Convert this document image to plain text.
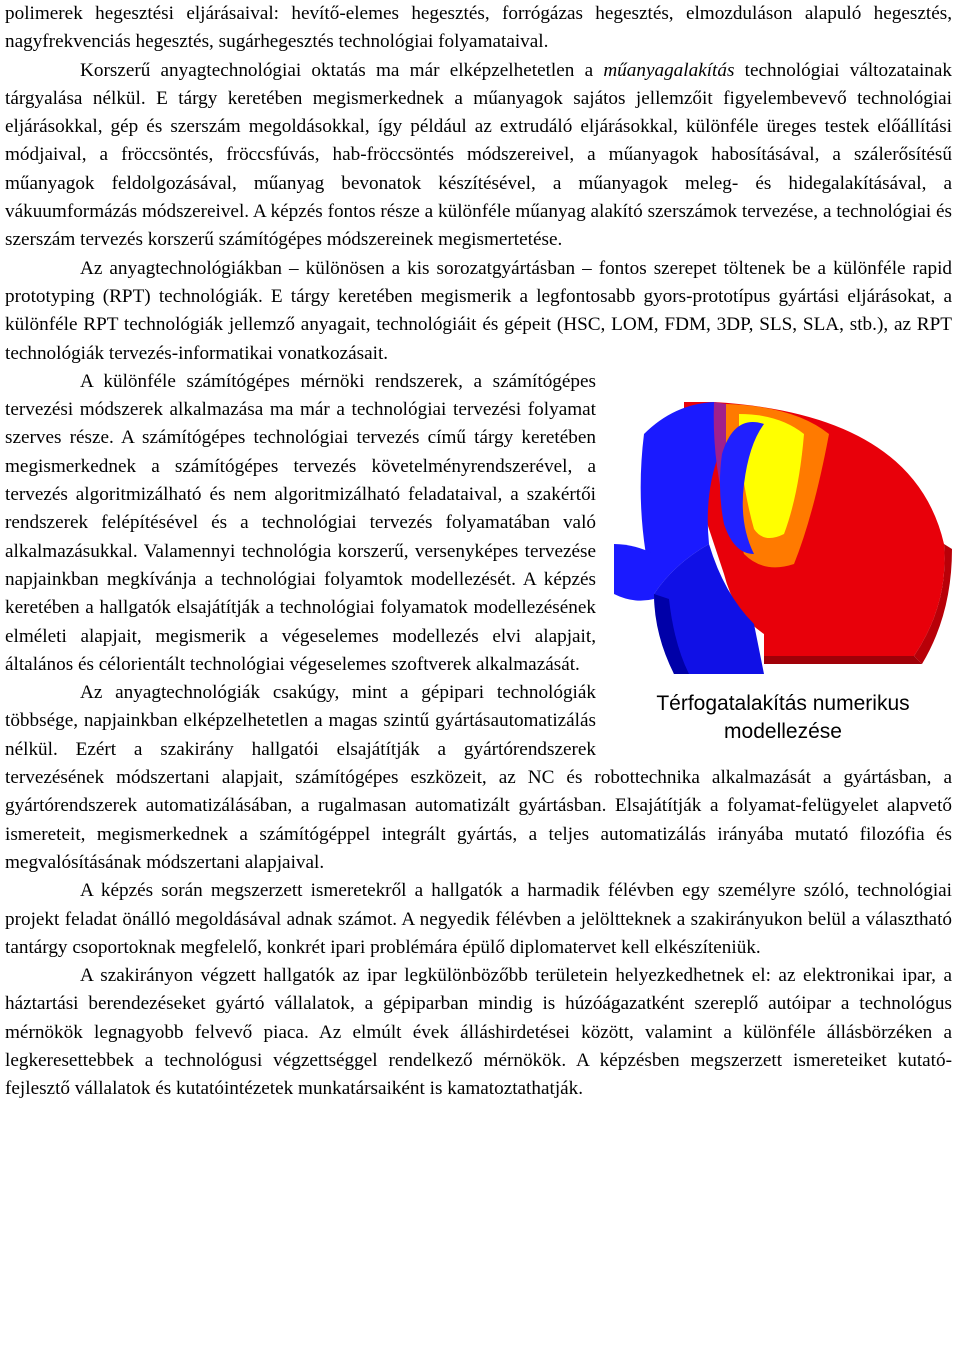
polimerek hegesztési eljárásaival: hevítő-elemes hegesztés, forrógázas hegesztés, elmozduláson alapuló hegesztés, nagyfrekvenciás hegesztés, sugárhegesztés technológiai folyamataival.

Korszerű anyagtechnológiai oktatás ma már elképzelhetetlen a műanyagalakítás technológiai változatainak tárgyalása nélkül. E tárgy keretében megismerkednek a műanyagok sajátos jellemzőit figyelembevevő technológiai eljárásokkal, gép és szerszám megoldásokkal, így például az extrudáló eljárásokkal, különféle üreges testek előállítási módjaival, a fröccsöntés, fröccsfúvás, hab-fröccsöntés módszereivel, a műanyagok habosításával, a szálerősítésű műanyagok feldolgozásával, műanyag bevonatok készítésével, a műanyagok meleg- és hidegalakításával, a vákuumformázás módszereivel. A képzés fontos része a különféle műanyag alakító szerszámok tervezése, a technológiai és szerszám tervezés korszerű számítógépes módszereinek megismertetése.

Az anyagtechnológiákban – különösen a kis sorozatgyártásban – fontos szerepet töltenek be a különféle rapid prototyping (RPT) technológiák. E tárgy keretében megismerik a legfontosabb gyors-prototípus gyártási eljárásokat, a különféle RPT technológiák jellemző anyagait, technológiáit és gépeit (HSC, LOM, FDM, 3DP, SLS, SLA, stb.), az RPT technológiák tervezés-informatikai vonatkozásait.

Térfogatalakítás numerikus modellezése

A különféle számítógépes mérnöki rendszerek, a számítógépes tervezési módszerek alkalmazása ma már a technológiai tervezési folyamat szerves része. A számítógépes technológiai tervezés című tárgy keretében megismerkednek a számítógépes tervezés követelményrendszerével, a tervezés algoritmizálható és nem algoritmizálható feladataival, a szakértői rendszerek felépítésével és a technológiai tervezés folyamatában való alkalmazásukkal. Valamennyi technológia korszerű, versenyképes tervezése napjainkban megkívánja a technológiai folyamtok modellezését. A képzés keretében a hallgatók elsajátítják a technológiai folyamatok modellezésének elméleti alapjait, megismerik a végeselemes modellezés elvi alapjait, általános és célorientált technológiai végeselemes szoftverek alkalmazását.

Az anyagtechnológiák csakúgy, mint a gépipari technológiák többsége, napjainkban elképzelhetetlen a magas szintű gyártásautomatizálás nélkül. Ezért a szakirány hallgatói elsajátítják a gyártórendszerek tervezésének módszertani alapjait, számítógépes eszközeit, az NC és robottechnika alkalmazását a gyártásban, a gyártórendszerek automatizálásában, a rugalmasan automatizált gyártásban. Elsajátítják a folyamat-felügyelet alapvető ismereteit, megismerkednek a számítógéppel integrált gyártás, a teljes automatizálás irányába mutató filozófia és megvalósításának módszertani alapjaival.

A képzés során megszerzett ismeretekről a hallgatók a harmadik félévben egy személyre szóló, technológiai projekt feladat önálló megoldásával adnak számot. A negyedik félévben a jelöltteknek a szakirányukon belül a választható tantárgy csoportoknak megfelelő, konkrét ipari problémára épülő diplomatervet kell elkészíteniük.

A szakirányon végzett hallgatók az ipar legkülönbözőbb területein helyezkedhetnek el: az elektronikai ipar, a háztartási berendezéseket gyártó vállalatok, a gépiparban mindig is húzóágazatként szereplő autóipar a technológus mérnökök legnagyobb felvevő piaca. Az elmúlt évek álláshirdetései között, valamint a különféle állásbörzéken a legkeresettebbek a technológusi végzettséggel rendelkező mérnökök. A képzésben megszerzett ismereteiket kutató-fejlesztő vállalatok és kutatóintézetek munkatársaiként is kamatoztathatják.
